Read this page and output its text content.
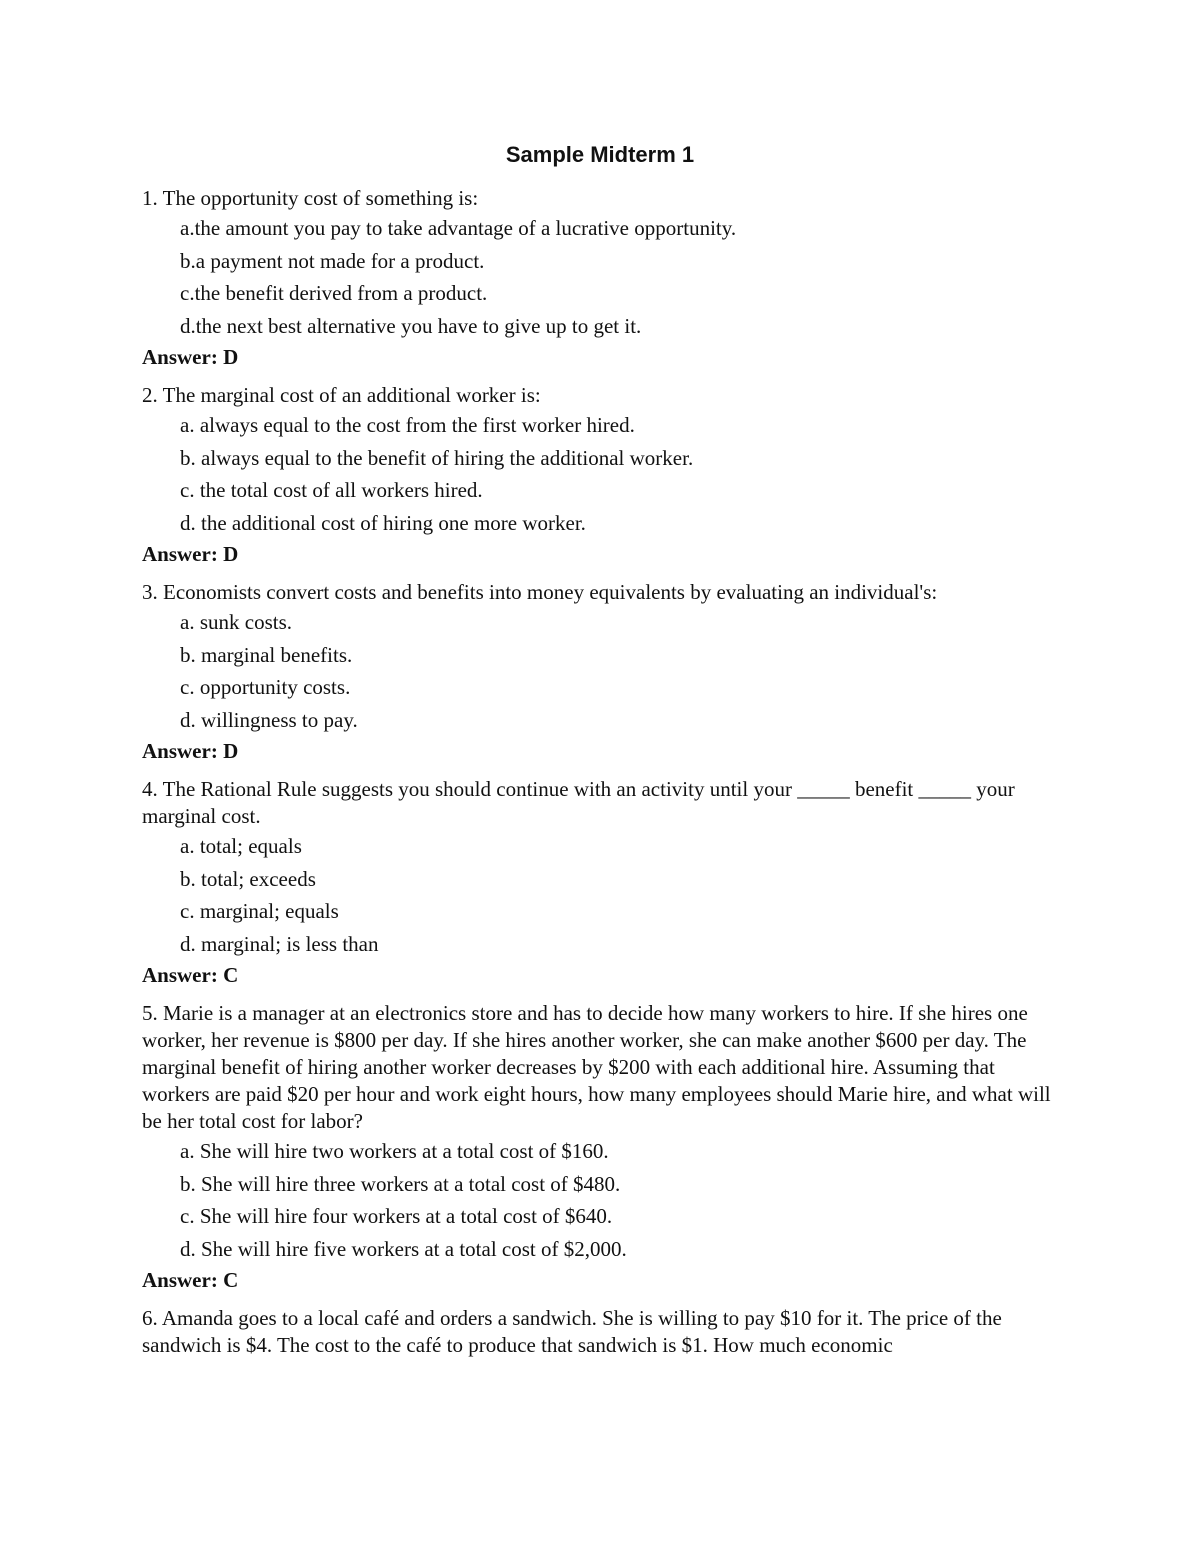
Sample Midterm 1

1. The opportunity cost of something is:

a.the amount you pay to take advantage of a lucrative opportunity.
b.a payment not made for a product.
c.the benefit derived from a product.
d.the next best alternative you have to give up to get it.

Answer: D

2. The marginal cost of an additional worker is:

a. always equal to the cost from the first worker hired.
b. always equal to the benefit of hiring the additional worker.
c. the total cost of all workers hired.
d. the additional cost of hiring one more worker.

Answer: D

3. Economists convert costs and benefits into money equivalents by evaluating an individual's:

a. sunk costs.
b. marginal benefits.
c. opportunity costs.
d. willingness to pay.

Answer: D

4. The Rational Rule suggests you should continue with an activity until your _____ benefit _____ your marginal cost.

a. total; equals
b. total; exceeds
c. marginal; equals
d. marginal; is less than

Answer: C

5. Marie is a manager at an electronics store and has to decide how many workers to hire. If she hires one worker, her revenue is $800 per day. If she hires another worker, she can make another $600 per day. The marginal benefit of hiring another worker decreases by $200 with each additional hire. Assuming that workers are paid $20 per hour and work eight hours, how many employees should Marie hire, and what will be her total cost for labor?

a. She will hire two workers at a total cost of $160.
b. She will hire three workers at a total cost of $480.
c. She will hire four workers at a total cost of $640.
d. She will hire five workers at a total cost of $2,000.

Answer: C

6. Amanda goes to a local café and orders a sandwich. She is willing to pay $10 for it. The price of the sandwich is $4. The cost to the café to produce that sandwich is $1. How much economic
